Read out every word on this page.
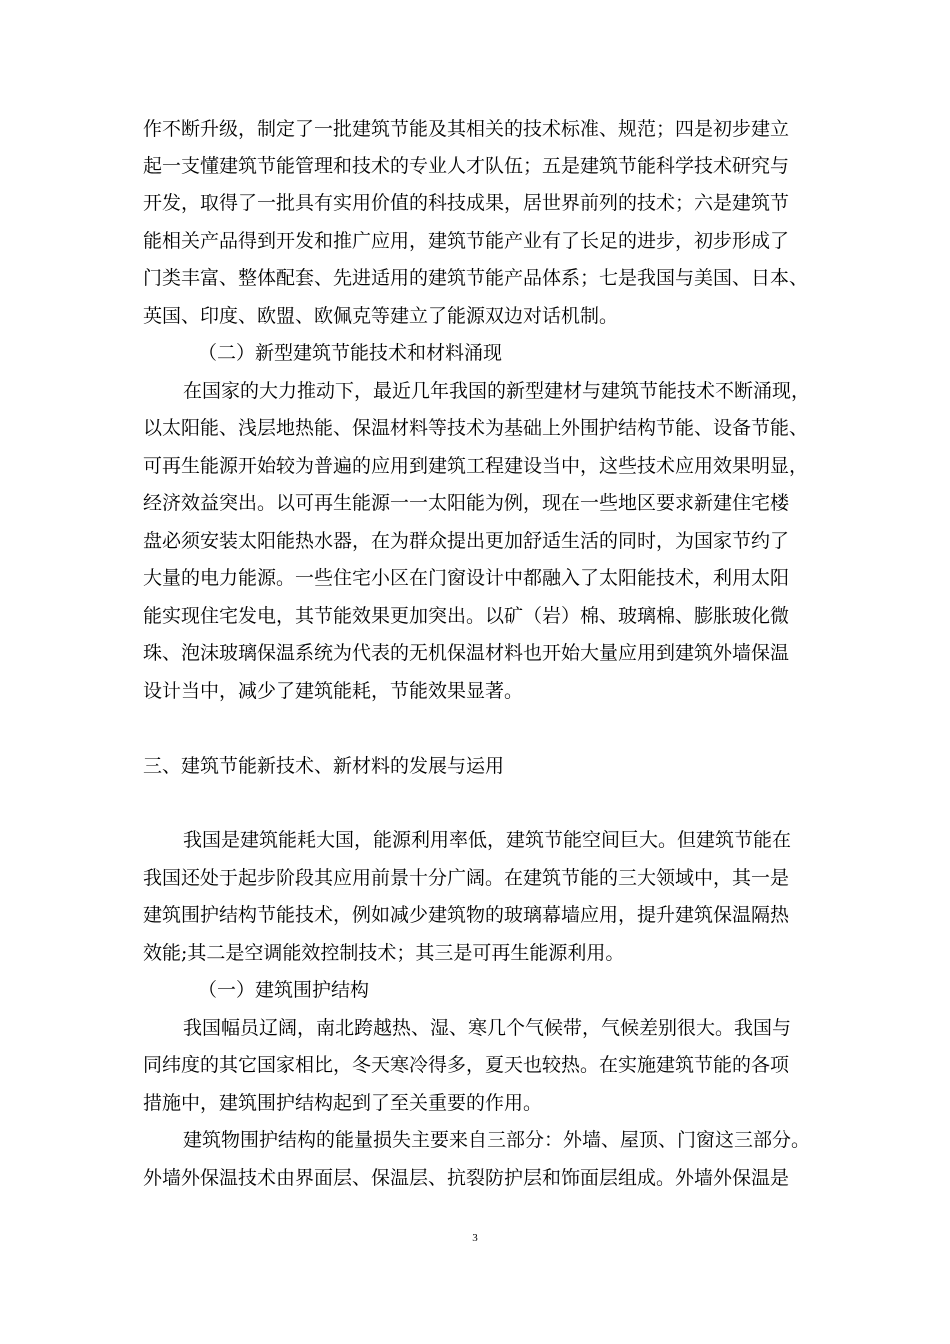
作不断升级，制定了一批建筑节能及其相关的技术标准、规范；四是初步建立
起一支懂建筑节能管理和技术的专业人才队伍；五是建筑节能科学技术研究与
开发，取得了一批具有实用价值的科技成果，居世界前列的技术；六是建筑节
能相关产品得到开发和推广应用，建筑节能产业有了长足的进步，初步形成了
门类丰富、整体配套、先进适用的建筑节能产品体系；七是我国与美国、日本、
英国、印度、欧盟、欧佩克等建立了能源双边对话机制。
（二）新型建筑节能技术和材料涌现
在国家的大力推动下，最近几年我国的新型建材与建筑节能技术不断涌现，
以太阳能、浅层地热能、保温材料等技术为基础上外围护结构节能、设备节能、
可再生能源开始较为普遍的应用到建筑工程建设当中，这些技术应用效果明显，
经济效益突出。以可再生能源一一太阳能为例，现在一些地区要求新建住宅楼
盘必须安装太阳能热水器，在为群众提出更加舒适生活的同时，为国家节约了
大量的电力能源。一些住宅小区在门窗设计中都融入了太阳能技术，利用太阳
能实现住宅发电，其节能效果更加突出。以矿（岩）棉、玻璃棉、膨胀玻化微
珠、泡沫玻璃保温系统为代表的无机保温材料也开始大量应用到建筑外墙保温
设计当中，减少了建筑能耗，节能效果显著。
三、建筑节能新技术、新材料的发展与运用
我国是建筑能耗大国，能源利用率低，建筑节能空间巨大。但建筑节能在
我国还处于起步阶段其应用前景十分广阔。在建筑节能的三大领域中，其一是
建筑围护结构节能技术，例如减少建筑物的玻璃幕墙应用，提升建筑保温隔热
效能;其二是空调能效控制技术；其三是可再生能源利用。
（一）建筑围护结构
我国幅员辽阔，南北跨越热、湿、寒几个气候带，气候差别很大。我国与
同纬度的其它国家相比，冬天寒冷得多，夏天也较热。在实施建筑节能的各项
措施中，建筑围护结构起到了至关重要的作用。
建筑物围护结构的能量损失主要来自三部分：外墙、屋顶、门窗这三部分。
外墙外保温技术由界面层、保温层、抗裂防护层和饰面层组成。外墙外保温是
3
